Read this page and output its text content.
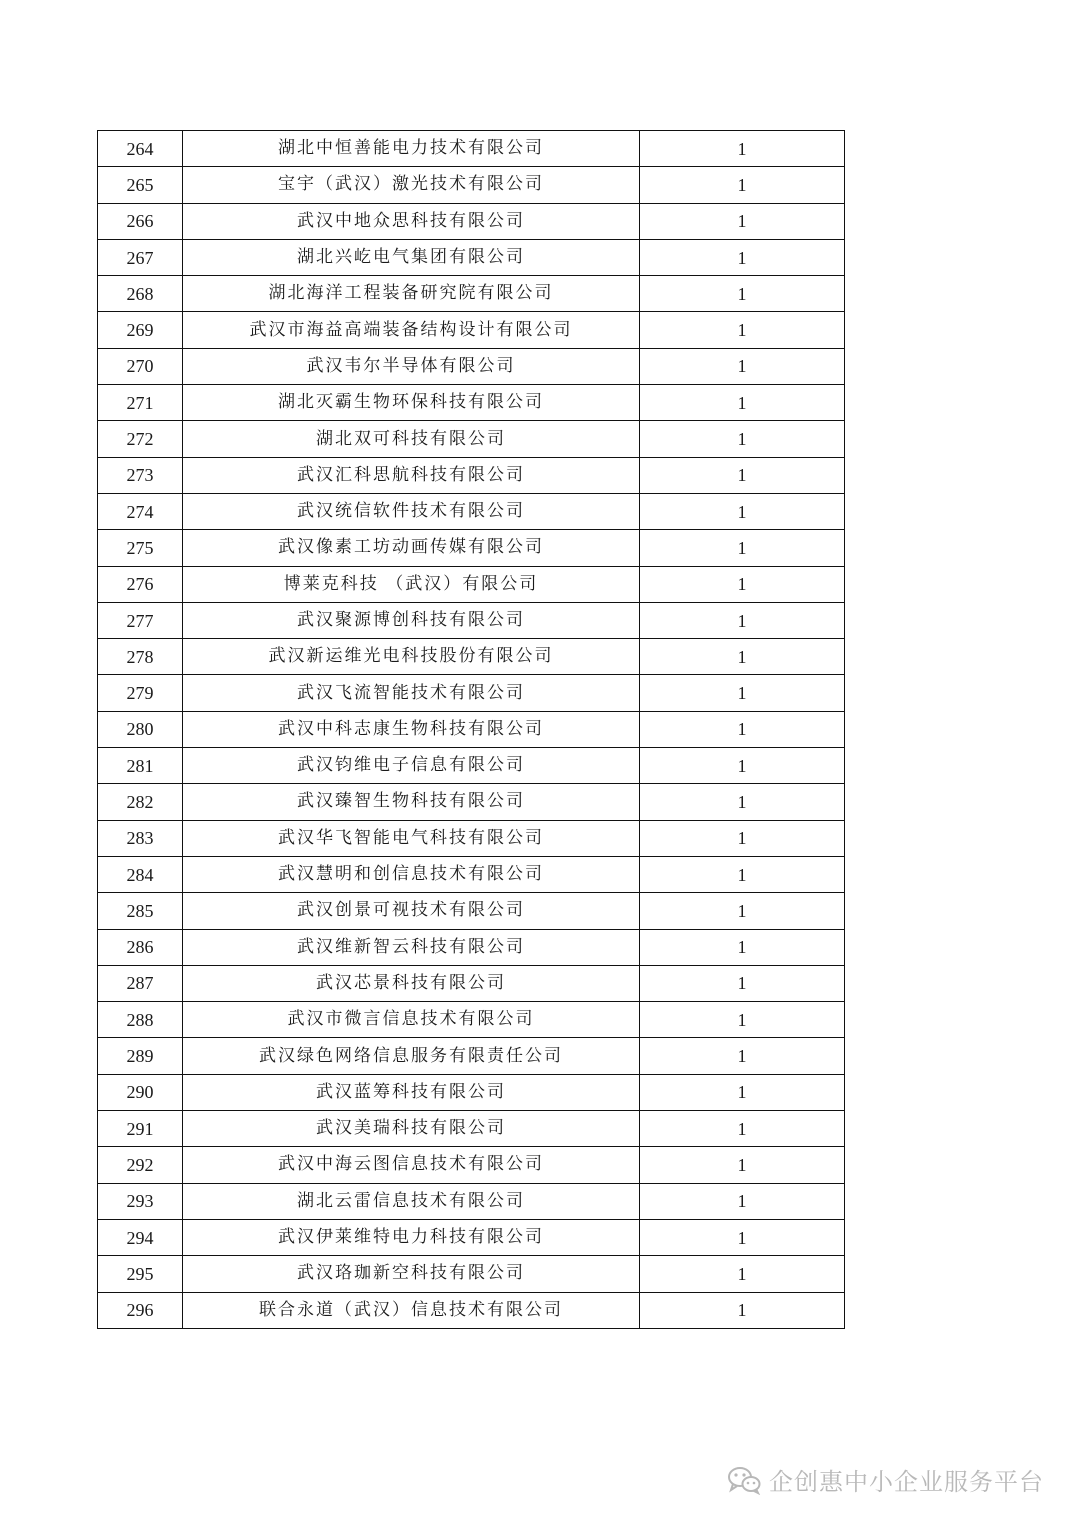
264	湖北中恒善能电力技术有限公司	1
265	宝宇（武汉）激光技术有限公司	1
266	武汉中地众思科技有限公司	1
267	湖北兴屹电气集团有限公司	1
268	湖北海洋工程装备研究院有限公司	1
269	武汉市海益高端装备结构设计有限公司	1
270	武汉韦尔半导体有限公司	1
271	湖北灭霸生物环保科技有限公司	1
272	湖北双可科技有限公司	1
273	武汉汇科思航科技有限公司	1
274	武汉统信软件技术有限公司	1
275	武汉像素工坊动画传媒有限公司	1
276	博莱克科技 （武汉）有限公司	1
277	武汉聚源博创科技有限公司	1
278	武汉新运维光电科技股份有限公司	1
279	武汉飞流智能技术有限公司	1
280	武汉中科志康生物科技有限公司	1
281	武汉钧维电子信息有限公司	1
282	武汉臻智生物科技有限公司	1
283	武汉华飞智能电气科技有限公司	1
284	武汉慧明和创信息技术有限公司	1
285	武汉创景可视技术有限公司	1
286	武汉维新智云科技有限公司	1
287	武汉芯景科技有限公司	1
288	武汉市微言信息技术有限公司	1
289	武汉绿色网络信息服务有限责任公司	1
290	武汉蓝筹科技有限公司	1
291	武汉美瑞科技有限公司	1
292	武汉中海云图信息技术有限公司	1
293	湖北云雷信息技术有限公司	1
294	武汉伊莱维特电力科技有限公司	1
295	武汉珞珈新空科技有限公司	1
296	联合永道（武汉）信息技术有限公司	1
企创惠中小企业服务平台
